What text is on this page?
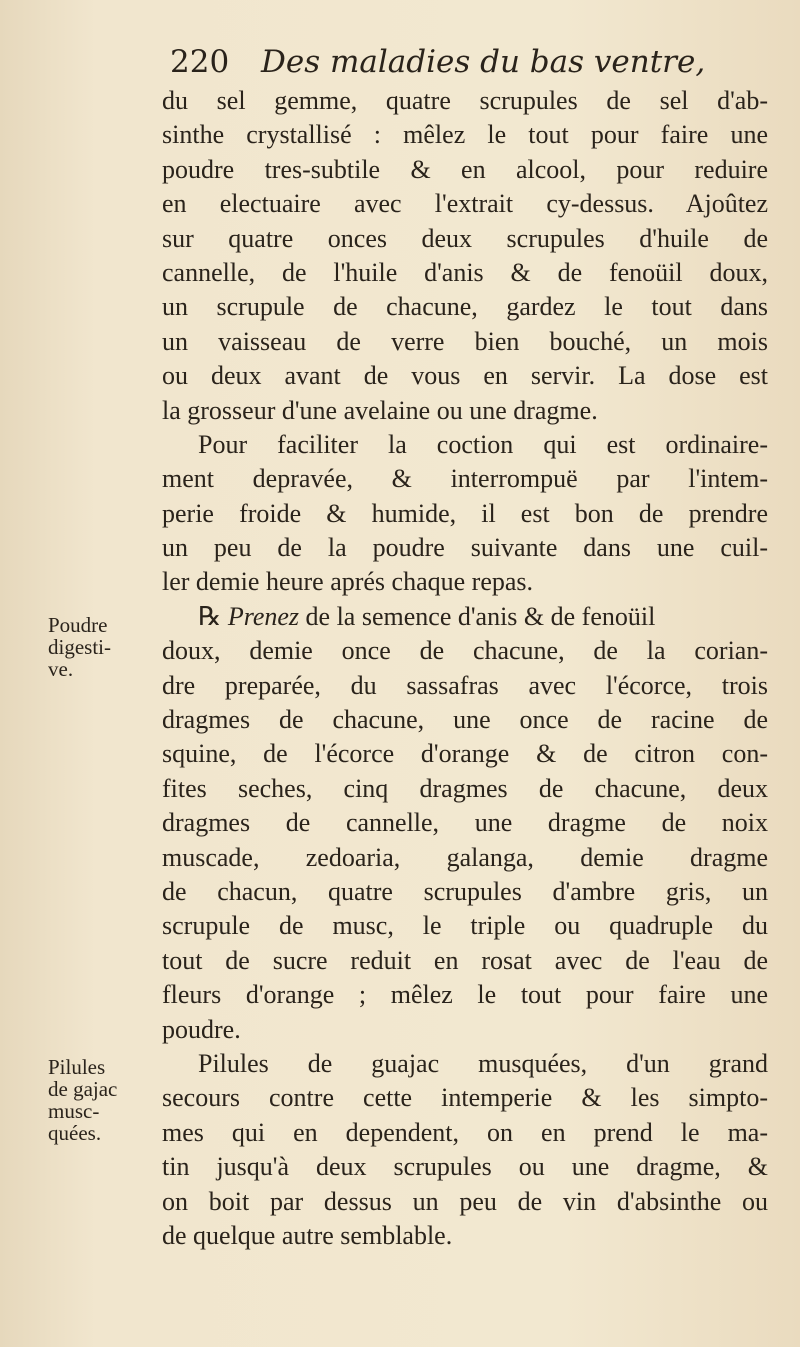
220 Des maladies du bas ventre,
du sel gemme, quatre scrupules de sel d'ab-
sinthe crystallisé : mêlez le tout pour faire une
poudre tres-subtile & en alcool, pour reduire
en electuaire avec l'extrait cy-dessus. Ajoûtez
sur quatre onces deux scrupules d'huile de
cannelle, de l'huile d'anis & de fenoüil doux,
un scrupule de chacune, gardez le tout dans
un vaisseau de verre bien bouché, un mois
ou deux avant de vous en servir. La dose est
la grosseur d'une avelaine ou une dragme.
Pour faciliter la coction qui est ordinaire-
ment depravée, & interrompuë par l'intem-
perie froide & humide, il est bon de prendre
un peu de la poudre suivante dans une cuil-
ler demie heure aprés chaque repas.
℞ Prenez de la semence d'anis & de fenoüil
doux, demie once de chacune, de la corian-
dre preparée, du sassafras avec l'écorce, trois
dragmes de chacune, une once de racine de
squine, de l'écorce d'orange & de citron con-
fites seches, cinq dragmes de chacune, deux
dragmes de cannelle, une dragme de noix
muscade, zedoaria, galanga, demie dragme
de chacun, quatre scrupules d'ambre gris, un
scrupule de musc, le triple ou quadruple du
tout de sucre reduit en rosat avec de l'eau de
fleurs d'orange ; mêlez le tout pour faire une
poudre.
Pilules de guajac musquées, d'un grand
secours contre cette intemperie & les simpto-
mes qui en dependent, on en prend le ma-
tin jusqu'à deux scrupules ou une dragme, &
on boit par dessus un peu de vin d'absinthe ou
de quelque autre semblable.
Poudre
digesti-
ve.
Pilules
de gajac
musc-
quées.
